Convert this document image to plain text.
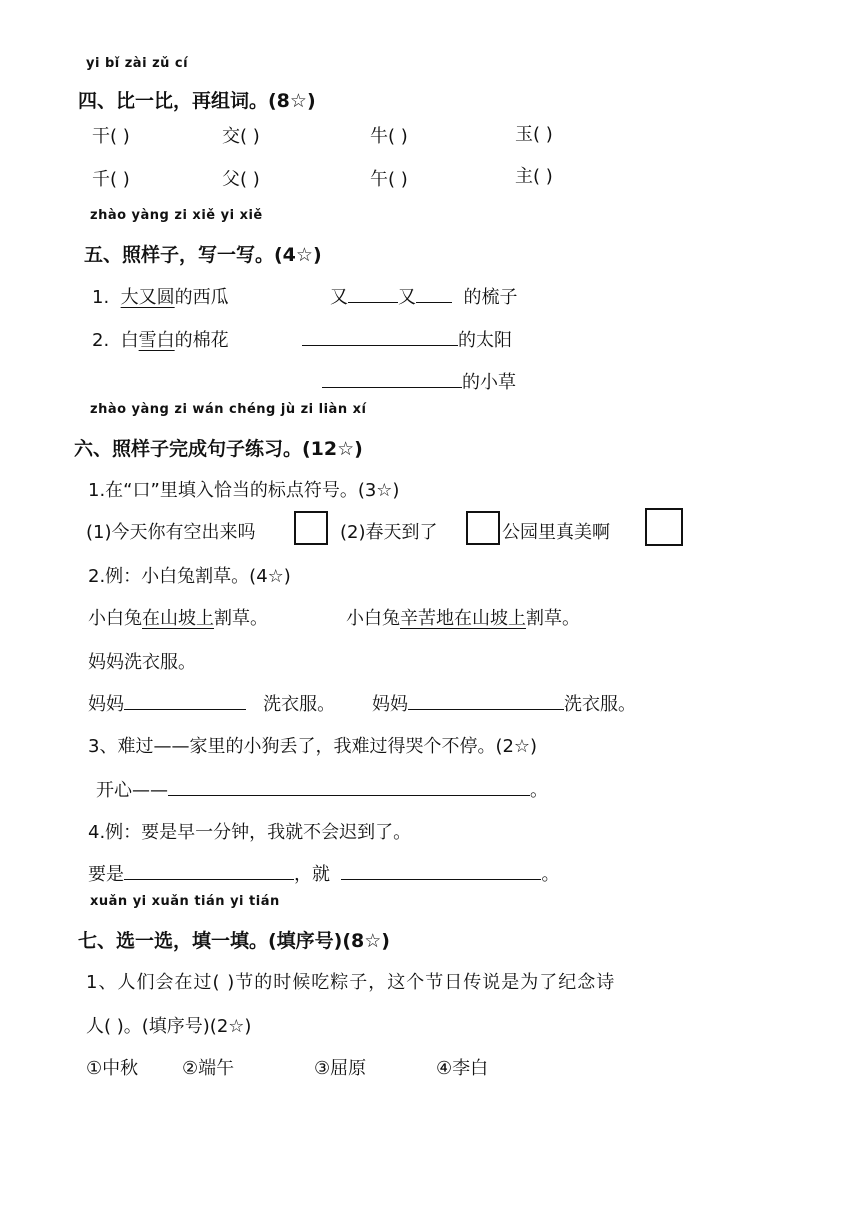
yi bǐ zài zǔ cí
四、比一比，再组词。(8☆)
干( )	交( )	牛( )	玉( )
千( )	父( )	午( )	主( )
zhào yàng zi xiě yi xiě
五、照样子，写一写。(4☆)
1. 大又圆的西瓜	又	又	的梳子
2. 白雪白的棉花	的太阳
的小草
zhào yàng zi wán chéng jù zi liàn xí
六、照样子完成句子练习。(12☆)
1.在“口”里填入恰当的标点符号。(3☆)
(1)今天你有空出来吗	(2)春天到了	公园里真美啊
2.例：小白兔割草。(4☆)
小白兔在山坡上割草。	小白兔辛苦地在山坡上割草。
妈妈洗衣服。
妈妈	洗衣服。 妈妈	洗衣服。
3、难过——家里的小狗丢了，我难过得哭个不停。(2☆)
开心——	。
4.例：要是早一分钟，我就不会迟到了。
要是	，就	。
xuǎn yi xuǎn tián yi tián
七、选一选，填一填。(填序号)(8☆)
1、人们会在过( )节的时候吃粽子，这个节日传说是为了纪念诗
人( )。(填序号)(2☆)
①中秋 ②端午	③屈原	④李白
